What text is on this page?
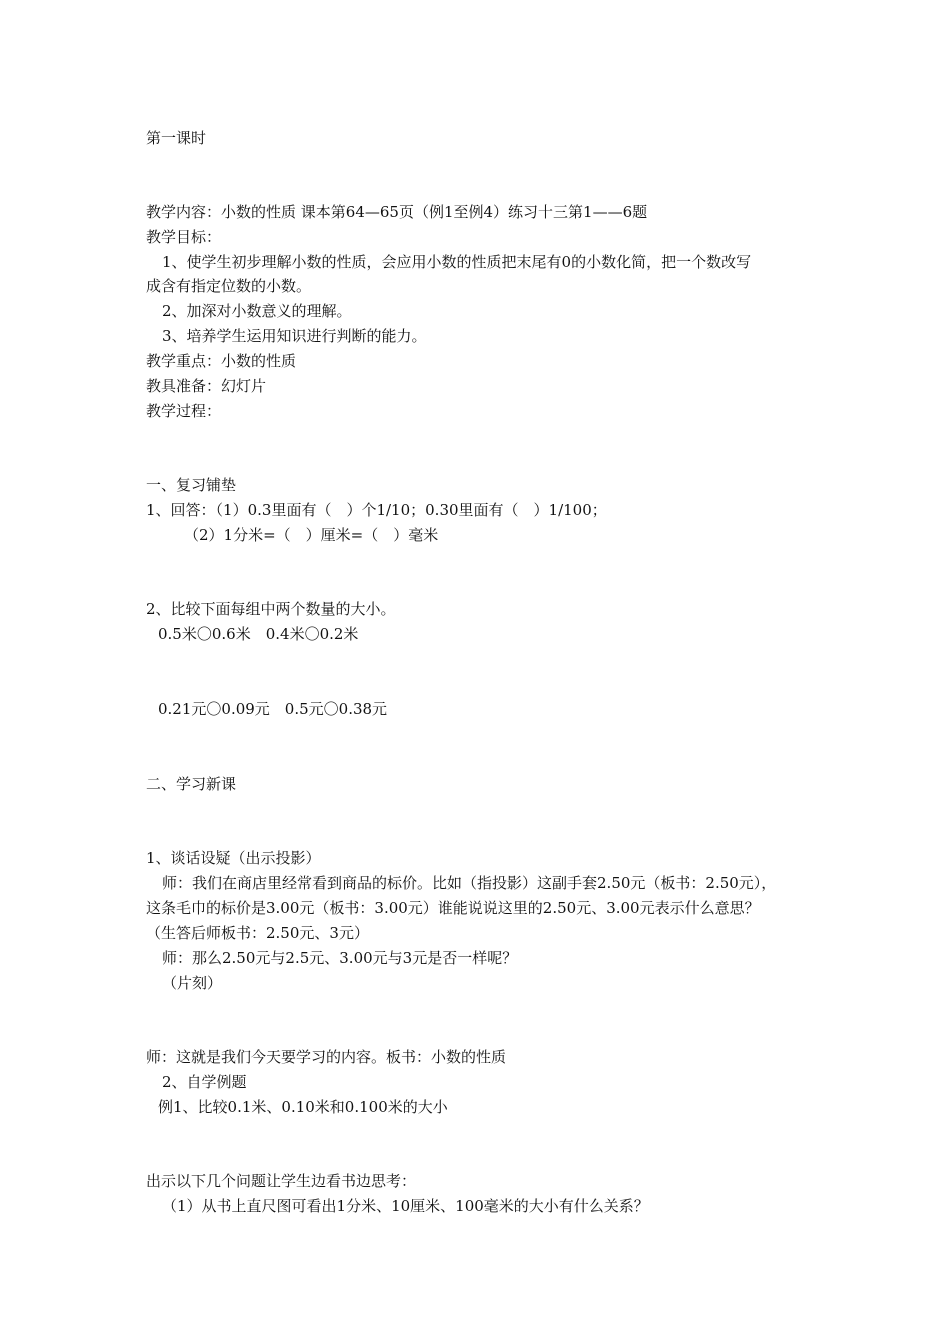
第一课时
教学内容：小数的性质 课本第64—65页（例1至例4）练习十三第1——6题
教学目标：
1、使学生初步理解小数的性质，会应用小数的性质把末尾有0的小数化简，把一个数改写
成含有指定位数的小数。
2、加深对小数意义的理解。
3、培养学生运用知识进行判断的能力。
教学重点：小数的性质
教具准备：幻灯片
教学过程：
一、复习铺垫
1、回答：（1）0.3里面有（　）个1/10；0.30里面有（　）1/100；
（2）1分米=（　）厘米=（　）毫米
2、比较下面每组中两个数量的大小。
0.5米〇0.6米　0.4米〇0.2米
0.21元〇0.09元　0.5元〇0.38元
二、学习新课
1、谈话设疑（出示投影）
师：我们在商店里经常看到商品的标价。比如（指投影）这副手套2.50元（板书：2.50元），
这条毛巾的标价是3.00元（板书：3.00元）谁能说说这里的2.50元、3.00元表示什么意思？
（生答后师板书：2.50元、3元）
师：那么2.50元与2.5元、3.00元与3元是否一样呢？
（片刻）
师：这就是我们今天要学习的内容。板书：小数的性质
2、自学例题
例1、比较0.1米、0.10米和0.100米的大小
出示以下几个问题让学生边看书边思考：
（1）从书上直尺图可看出1分米、10厘米、100毫米的大小有什么关系？
